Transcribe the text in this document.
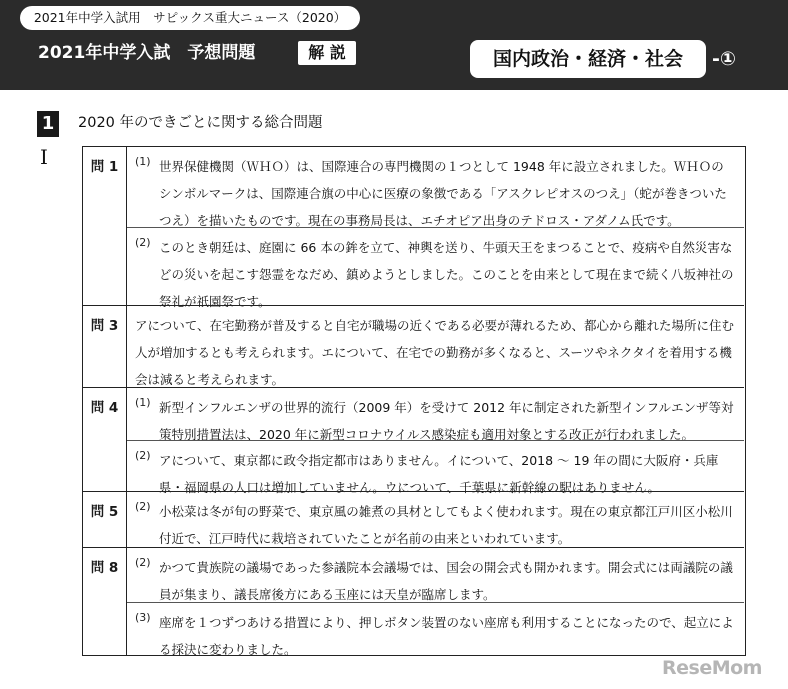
2021年中学入試用　サピックス重大ニュース（2020）
2021年中学入試　予想問題	解 説	国内政治・経済・社会	-①
1	2020 年のできごとに関する総合問題
Ⅰ	問 1	(1) 世界保健機関（ＷＨＯ）は、国際連合の専門機関の１つとして 1948 年に設立されました。ＷＨＯのシンボルマークは、国際連合旗の中心に医療の象徴である「アスクレピオスのつえ」（蛇が巻きついたつえ）を描いたものです。現在の事務局長は、エチオピア出身のテドロス・アダノム氏です。
(2) このとき朝廷は、庭園に 66 本の鉾を立て、神輿を送り、牛頭天王をまつることで、疫病や自然災害などの災いを起こす怨霊をなだめ、鎮めようとしました。このことを由来として現在まで続く八坂神社の祭礼が祇園祭です。
問 3	アについて、在宅勤務が普及すると自宅が職場の近くである必要が薄れるため、都心から離れた場所に住む人が増加するとも考えられます。エについて、在宅での勤務が多くなると、スーツやネクタイを着用する機会は減ると考えられます。
問 4	(1) 新型インフルエンザの世界的流行（2009 年）を受けて 2012 年に制定された新型インフルエンザ等対策特別措置法は、2020 年に新型コロナウイルス感染症も適用対象とする改正が行われました。
(2) アについて、東京都に政令指定都市はありません。イについて、2018 ～ 19 年の間に大阪府・兵庫県・福岡県の人口は増加していません。ウについて、千葉県に新幹線の駅はありません。
問 5	(2) 小松菜は冬が旬の野菜で、東京風の雑煮の具材としてもよく使われます。現在の東京都江戸川区小松川付近で、江戸時代に栽培されていたことが名前の由来といわれています。
問 8	(2) かつて貴族院の議場であった参議院本会議場では、国会の開会式も開かれます。開会式には両議院の議員が集まり、議長席後方にある玉座には天皇が臨席します。
(3) 座席を１つずつあける措置により、押しボタン装置のない座席も利用することになったので、起立による採決に変わりました。
ReseMom
